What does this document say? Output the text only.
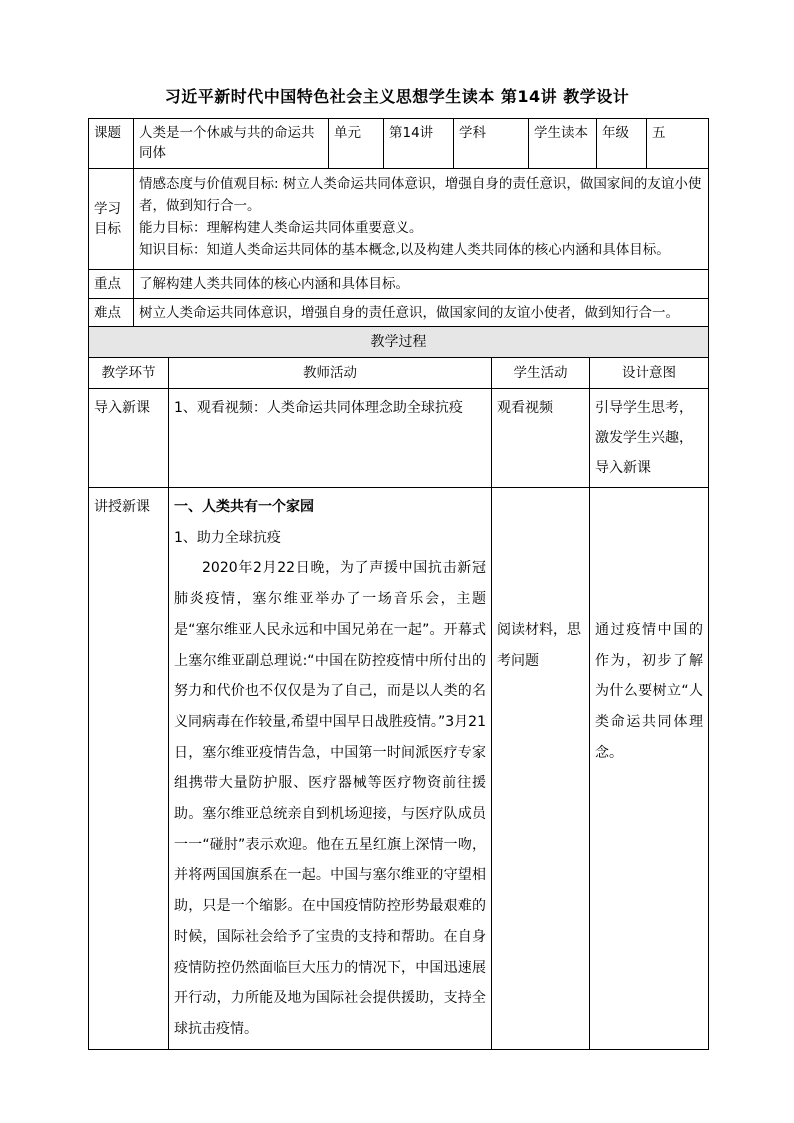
习近平新时代中国特色社会主义思想学生读本 第14讲 教学设计
课题	人类是一个休戚与共的命运共同体	单元	第14讲	学科	学生读本	年级	五
学习目标	情感态度与价值观目标: 树立人类命运共同体意识，增强自身的责任意识，做国家间的友谊小使者，做到知行合一。
能力目标：理解构建人类命运共同体重要意义。
知识目标：知道人类命运共同体的基本概念,以及构建人类共同体的核心内涵和具体目标。						

重点	了解构建人类共同体的核心内涵和具体目标。						
难点	树立人类命运共同体意识，增强自身的责任意识，做国家间的友谊小使者，做到知行合一。						
教学过程			
教学环节	教师活动	学生活动	设计意图
导入新课	1、观看视频：人类命运共同体理念助全球抗疫	观看视频	引导学生思考，激发学生兴趣，导入新课
讲授新课	一、人类共有一个家园
1、助力全球抗疫
2020年2月22日晚，为了声援中国抗击新冠肺炎疫情，塞尔维亚举办了一场音乐会，主题是“塞尔维亚人民永远和中国兄弟在一起”。开幕式上塞尔维亚副总理说:“中国在防控疫情中所付出的努力和代价也不仅仅是为了自己，而是以人类的名义同病毒在作较量,希望中国早日战胜疫情。”3月21日，塞尔维亚疫情告急，中国第一时间派医疗专家组携带大量防护服、医疗器械等医疗物资前往援助。塞尔维亚总统亲自到机场迎接，与医疗队成员一一“碰肘”表示欢迎。他在五星红旗上深情一吻，并将两国国旗系在一起。中国与塞尔维亚的守望相助，只是一个缩影。在中国疫情防控形势最艰难的时候，国际社会给予了宝贵的支持和帮助。在自身疫情防控仍然面临巨大压力的情况下，中国迅速展开行动，力所能及地为国际社会提供援助，支持全球抗击疫情。	阅读材料，思考问题	通过疫情中国的作为，初步了解为什么要树立“人类命运共同体理念。
